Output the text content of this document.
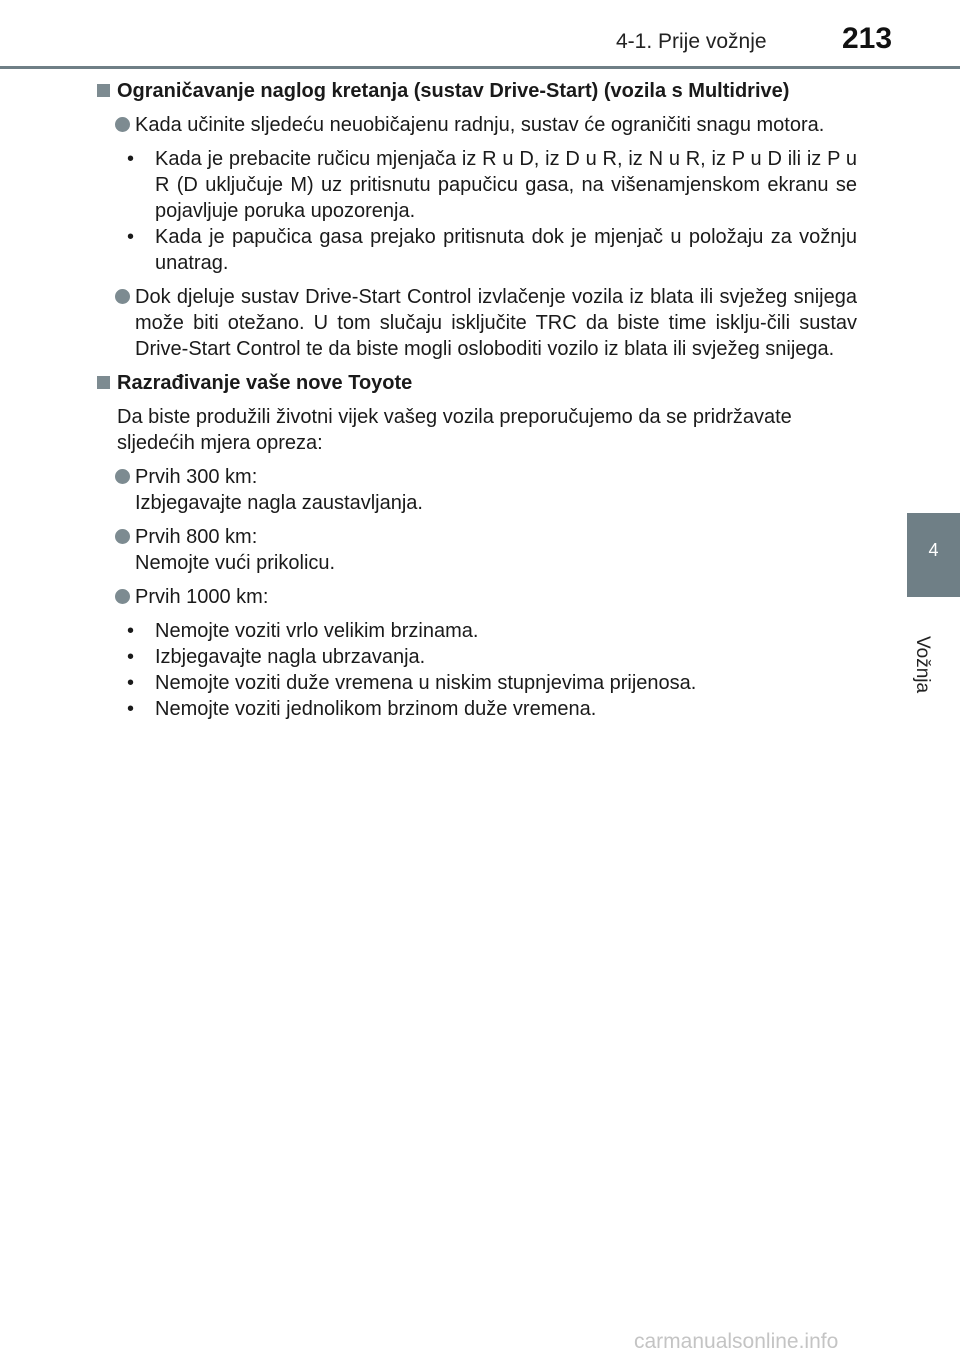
4-1. Prije vožnje	213
4
Vožnja
Ograničavanje naglog kretanja (sustav Drive-Start) (vozila s Multidrive)
Kada učinite sljedeću neuobičajenu radnju, sustav će ograničiti snagu motora.
• Kada je prebacite ručicu mjenjača iz R u D, iz D u R, iz N u R, iz P u D ili iz P u R (D uključuje M) uz pritisnutu papučicu gasa, na višenamjenskom ekranu se pojavljuje poruka upozorenja.
• Kada je papučica gasa prejako pritisnuta dok je mjenjač u položaju za vožnju unatrag.
Dok djeluje sustav Drive-Start Control izvlačenje vozila iz blata ili svježeg snijega može biti otežano. U tom slučaju isključite TRC da biste time isklju-čili sustav Drive-Start Control te da biste mogli osloboditi vozilo iz blata ili svježeg snijega.
Razrađivanje vaše nove Toyote
Da biste produžili životni vijek vašeg vozila preporučujemo da se pridržavate sljedećih mjera opreza:
Prvih 300 km:
Izbjegavajte nagla zaustavljanja.
Prvih 800 km:
Nemojte vući prikolicu.
Prvih 1000 km:
• Nemojte voziti vrlo velikim brzinama.
• Izbjegavajte nagla ubrzavanja.
• Nemojte voziti duže vremena u niskim stupnjevima prijenosa.
• Nemojte voziti jednolikom brzinom duže vremena.
carmanualsonline.info
